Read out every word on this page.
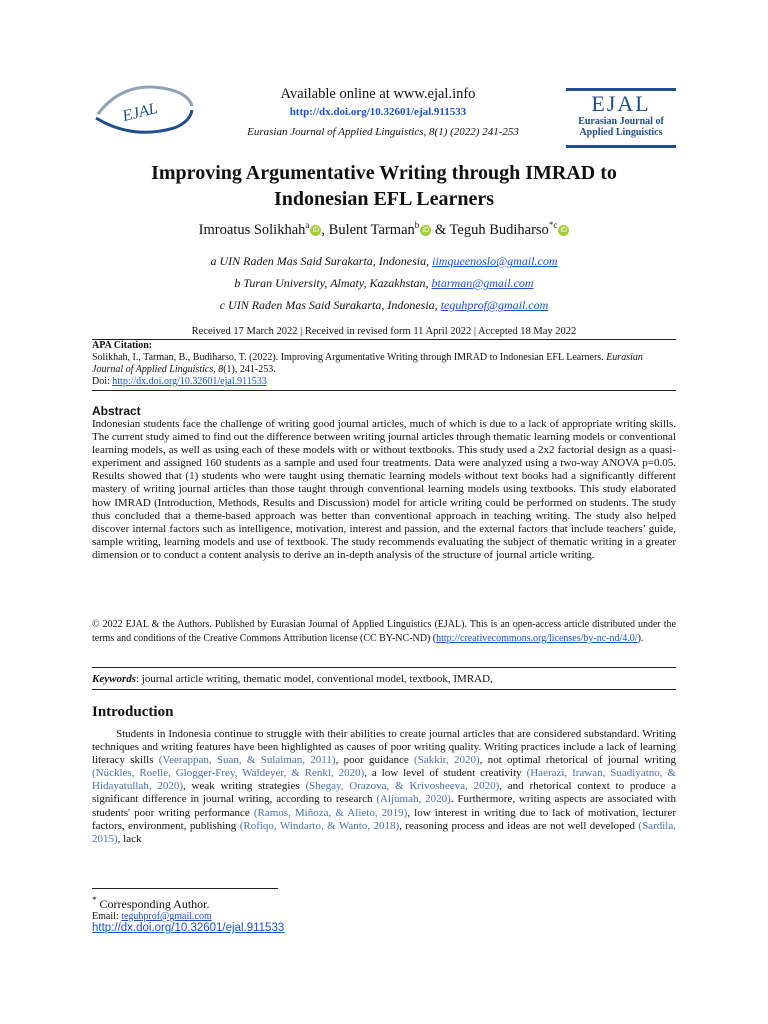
EJAL
Available online at www.ejal.info
http://dx.doi.org/10.32601/ejal.911533
Eurasian Journal of Applied Linguistics, 8(1) (2022) 241-253
EJAL
Eurasian Journal of
Applied Linguistics
Improving Argumentative Writing through IMRAD to
Indonesian EFL Learners
Imroatus Solikhah$^a$iD , Bulent Tarman$^b$iD & Teguh Budiharso$^{*c}$iD
a UIN Raden Mas Said Surakarta, Indonesia, iimqueenoslo@gmail.com
b Turan University, Almaty, Kazakhstan, btarman@gmail.com
c UIN Raden Mas Said Surakarta, Indonesia, teguhprof@gmail.com
Received 17 March 2022 | Received in revised form 11 April 2022 | Accepted 18 May 2022
APA Citation:
Solikhah, I., Tarman, B., Budiharso, T. (2022). Improving Argumentative Writing through IMRAD to Indonesian EFL Learners. Eurasian Journal of Applied Linguistics, 8(1), 241-253.
Doi: http://dx.doi.org/10.32601/ejal.911533
Abstract
Indonesian students face the challenge of writing good journal articles, much of which is due to a lack of appropriate writing skills. The current study aimed to find out the difference between writing journal articles through thematic learning models or conventional learning models, as well as using each of these models with or without textbooks. This study used a 2x2 factorial design as a quasi-experiment and assigned 160 students as a sample and used four treatments. Data were analyzed using a two-way ANOVA p=0.05. Results showed that (1) students who were taught using thematic learning models without text books had a significantly different mastery of writing journal articles than those taught through conventional learning models using textbooks. This study elaborated how IMRAD (Introduction, Methods, Results and Discussion) model for article writing could be performed on students. The study thus concluded that a theme-based approach was better than conventional approach in teaching writing. The study also helped discover internal factors such as intelligence, motivation, interest and passion, and the external factors that include teachers’ guide, sample writing, learning models and use of textbook. The study recommends evaluating the subject of thematic writing in a greater dimension or to conduct a content analysis to derive an in-depth analysis of the structure of journal article writing.
© 2022 EJAL & the Authors. Published by Eurasian Journal of Applied Linguistics (EJAL). This is an open-access article distributed under the terms and conditions of the Creative Commons Attribution license (CC BY-NC-ND) (http://creativecommons.org/licenses/by-nc-nd/4.0/).
Keywords: journal article writing, thematic model, conventional model, textbook, IMRAD,
Introduction
Students in Indonesia continue to struggle with their abilities to create journal articles that are considered substandard. Writing techniques and writing features have been highlighted as causes of poor writing quality. Writing practices include a lack of learning literacy skills (Veerappan, Suan, & Sulaiman, 2011), poor guidance (Sakkir, 2020), not optimal rhetorical of journal writing (Nückles, Roelle, Glogger-Frey, Waldeyer, & Renkl, 2020), a low level of student creativity (Haerazi, Irawan, Suadiyatno, & Hidayatullah, 2020), weak writing strategies (Shegay, Orazova, & Krivosheeva, 2020), and rhetorical context to produce a significant difference in journal writing, according to research (Aljumah, 2020). Furthermore, writing aspects are associated with students' poor writing performance (Ramos, Miñoza, & Alieto, 2019), low interest in writing due to lack of motivation, lecturer factors, environment, publishing (Rofiqo, Windarto, & Wanto, 2018), reasoning process and ideas are not well developed (Sardila, 2015), lack
* Corresponding Author.
Email: teguhprof@gmail.com
http://dx.doi.org/10.32601/ejal.911533
